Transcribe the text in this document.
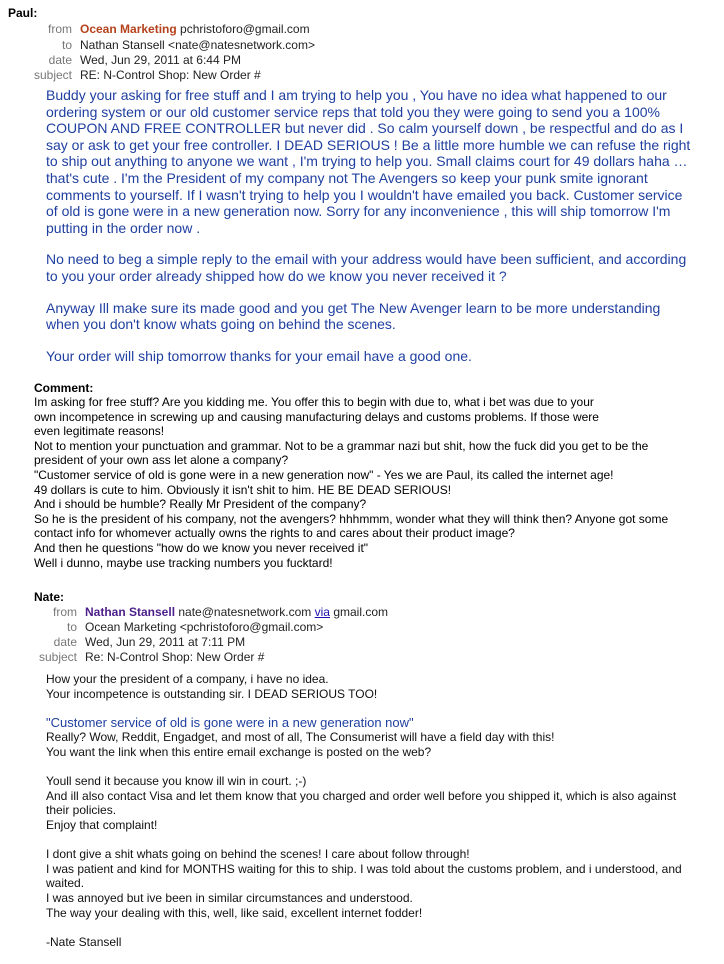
Paul:
from Ocean Marketing pchristoforo@gmail.com
to Nathan Stansell <nate@natesnetwork.com>
date Wed, Jun 29, 2011 at 6:44 PM
subject RE: N-Control Shop: New Order #

Buddy your asking for free stuff and I am trying to help you , You have no idea what happened to our ordering system or our old customer service reps that told you they were going to send you a 100% COUPON AND FREE CONTROLLER but never did . So calm yourself down , be respectful and do as I say or ask to get your free controller. I DEAD SERIOUS ! Be a little more humble we can refuse the right to ship out anything to anyone we want , I'm trying to help you. Small claims court for 49 dollars haha … that's cute . I'm the President of my company not The Avengers so keep your punk smite ignorant comments to yourself. If I wasn't trying to help you I wouldn't have emailed you back. Customer service of old is gone were in a new generation now. Sorry for any inconvenience , this will ship tomorrow I'm putting in the order now .

No need to beg a simple reply to the email with your address would have been sufficient, and according to you your order already shipped how do we know you never received it ?

Anyway Ill make sure its made good and you get The New Avenger learn to be more understanding when you don't know whats going on behind the scenes.

Your order will ship tomorrow thanks for your email have a good one.

Comment:
Im asking for free stuff? Are you kidding me. You offer this to begin with due to, what i bet was due to your
own incompetence in screwing up and causing manufacturing delays and customs problems. If those were
even legitimate reasons!
Not to mention your punctuation and grammar. Not to be a grammar nazi but shit, how the fuck did you get to be the
president of your own ass let alone a company?
"Customer service of old is gone were in a new generation now" - Yes we are Paul, its called the internet age!
49 dollars is cute to him. Obviously it isn't shit to him. HE BE DEAD SERIOUS!
And i should be humble? Really Mr President of the company?
So he is the president of his company, not the avengers? hhhmmm, wonder what they will think then? Anyone got some
contact info for whomever actually owns the rights to and cares about their product image?
And then he questions "how do we know you never received it"
Well i dunno, maybe use tracking numbers you fucktard!
Nate:
from Nathan Stansell nate@natesnetwork.com via gmail.com
to Ocean Marketing <pchristoforo@gmail.com>
date Wed, Jun 29, 2011 at 7:11 PM
subject Re: N-Control Shop: New Order #
How your the president of a company, i have no idea.
Your incompetence is outstanding sir. I DEAD SERIOUS TOO!
"Customer service of old is gone were in a new generation now"
Really? Wow, Reddit, Engadget, and most of all, The Consumerist will have a field day with this!
You want the link when this entire email exchange is posted on the web?
Youll send it because you know ill win in court. ;-)
And ill also contact Visa and let them know that you charged and order well before you shipped it, which is also against
their policies.
Enjoy that complaint!
I dont give a shit whats going on behind the scenes! I care about follow through!
I was patient and kind for MONTHS waiting for this to ship. I was told about the customs problem, and i understood, and
waited.
I was annoyed but ive been in similar circumstances and understood.
The way your dealing with this, well, like said, excellent internet fodder!
-Nate Stansell
